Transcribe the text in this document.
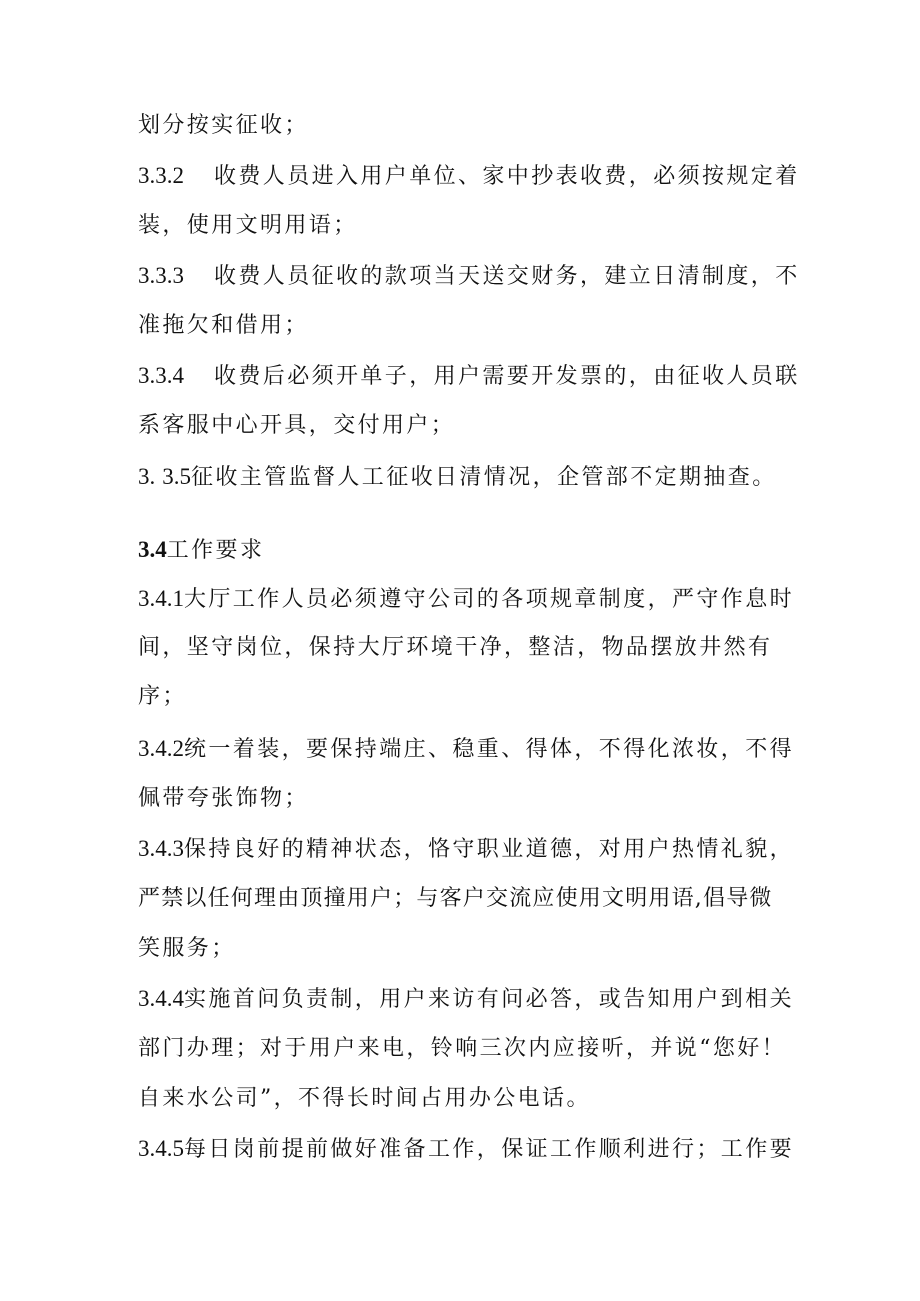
划分按实征收；

3.3.2 收费人员进入用户单位、家中抄表收费，必须按规定着

装，使用文明用语；

3.3.3 收费人员征收的款项当天送交财务，建立日清制度，不

准拖欠和借用；

3.3.4 收费后必须开单子，用户需要开发票的，由征收人员联

系客服中心开具，交付用户；

3. 3.5征收主管监督人工征收日清情况，企管部不定期抽查。

3.4工作要求

3.4.1大厅工作人员必须遵守公司的各项规章制度，严守作息时

间，坚守岗位，保持大厅环境干净，整洁，物品摆放井然有

序；

3.4.2统一着装，要保持端庄、稳重、得体，不得化浓妆，不得

佩带夸张饰物；

3.4.3保持良好的精神状态，恪守职业道德，对用户热情礼貌，

严禁以任何理由顶撞用户；与客户交流应使用文明用语,倡导微

笑服务；

3.4.4实施首问负责制，用户来访有问必答，或告知用户到相关

部门办理；对于用户来电，铃响三次内应接听，并说“您好！

自来水公司”，不得长时间占用办公电话。

3.4.5每日岗前提前做好准备工作，保证工作顺利进行；工作要
